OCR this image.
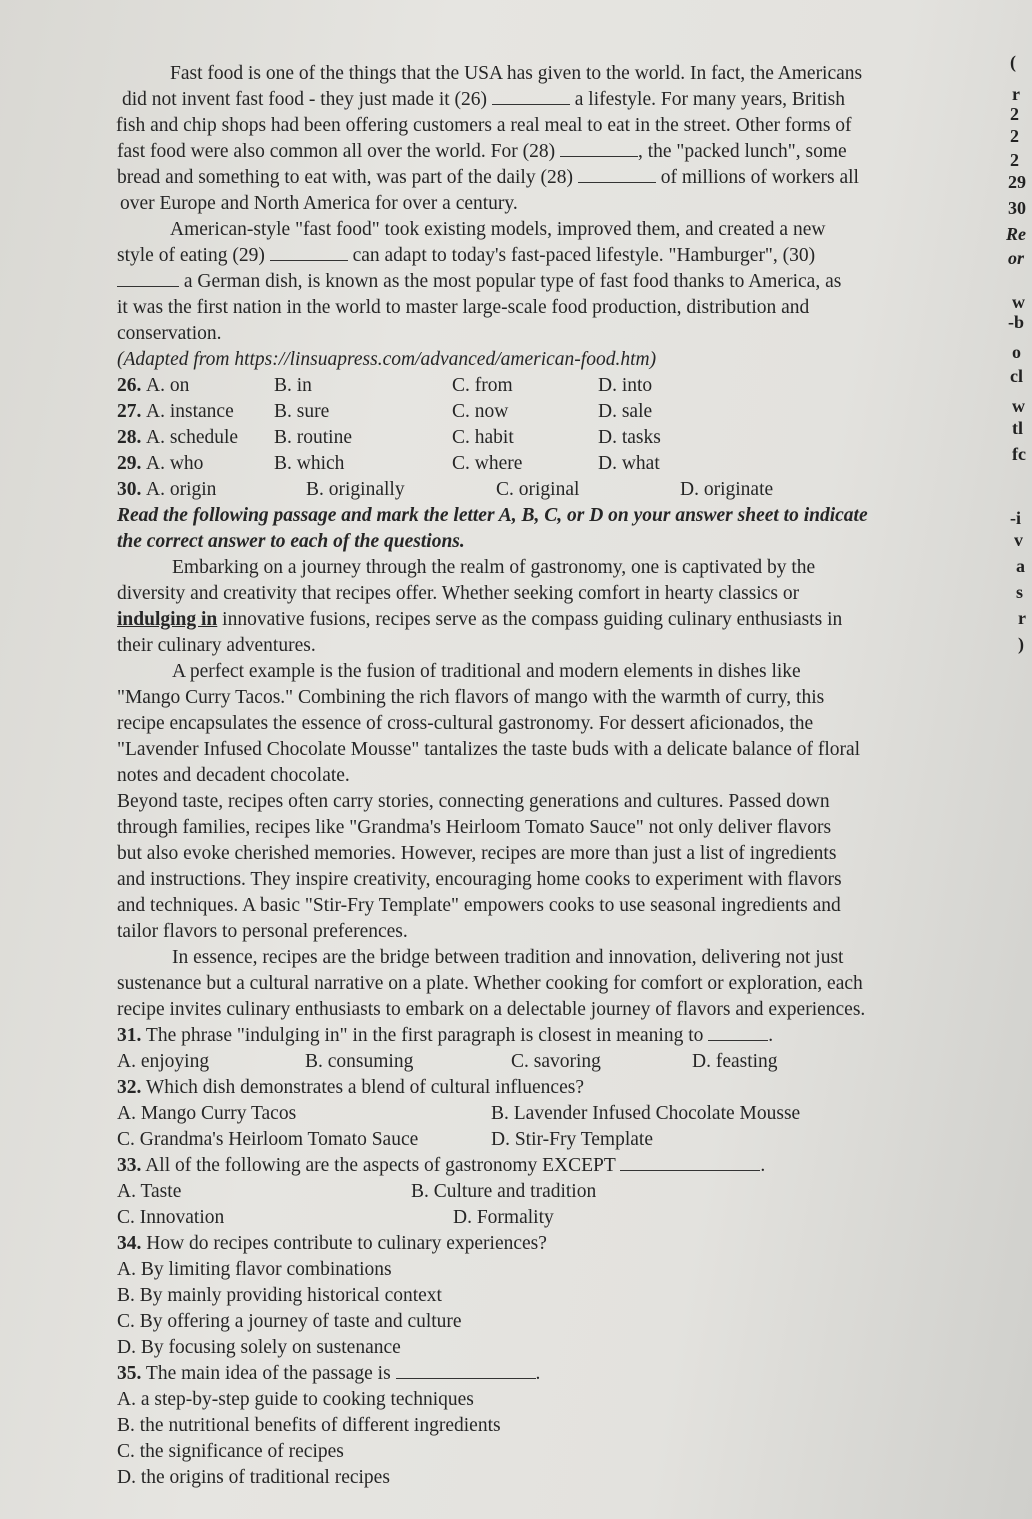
Fast food is one of the things that the USA has given to the world. In fact, the Americans
did not invent fast food - they just made it (26)	a lifestyle. For many years, British
fish and chip shops had been offering customers a real meal to eat in the street. Other forms of
fast food were also common all over the world. For (28)	, the "packed lunch", some
bread and something to eat with, was part of the daily (28)	of millions of workers all
over Europe and North America for over a century.
American-style "fast food" took existing models, improved them, and created a new
style of eating (29)	can adapt to today's fast-paced lifestyle. "Hamburger", (30)
a German dish, is known as the most popular type of fast food thanks to America, as
it was the first nation in the world to master large-scale food production, distribution and
conservation.
(Adapted from https://linsuapress.com/advanced/american-food.htm)
26. A. on	B. in	C. from	D. into
27. A. instance B. sure	C. now	D. sale
28. A. schedule B. routine	C. habit	D. tasks
29. A. who	B. which	C. where	D. what
30. A. origin	B. originally	C. original	D. originate
Read the following passage and mark the letter A, B, C, or D on your answer sheet to indicate
the correct answer to each of the questions.
Embarking on a journey through the realm of gastronomy, one is captivated by the
diversity and creativity that recipes offer. Whether seeking comfort in hearty classics or
indulging in innovative fusions, recipes serve as the compass guiding culinary enthusiasts in
their culinary adventures.
A perfect example is the fusion of traditional and modern elements in dishes like
"Mango Curry Tacos." Combining the rich flavors of mango with the warmth of curry, this
recipe encapsulates the essence of cross-cultural gastronomy. For dessert aficionados, the
"Lavender Infused Chocolate Mousse" tantalizes the taste buds with a delicate balance of floral
notes and decadent chocolate.
Beyond taste, recipes often carry stories, connecting generations and cultures. Passed down
through families, recipes like "Grandma's Heirloom Tomato Sauce" not only deliver flavors
but also evoke cherished memories. However, recipes are more than just a list of ingredients
and instructions. They inspire creativity, encouraging home cooks to experiment with flavors
and techniques. A basic "Stir-Fry Template" empowers cooks to use seasonal ingredients and
tailor flavors to personal preferences.
In essence, recipes are the bridge between tradition and innovation, delivering not just
sustenance but a cultural narrative on a plate. Whether cooking for comfort or exploration, each
recipe invites culinary enthusiasts to embark on a delectable journey of flavors and experiences.
31. The phrase "indulging in" in the first paragraph is closest in meaning to	.
A. enjoying	B. consuming	C. savoring	D. feasting
32. Which dish demonstrates a blend of cultural influences?
A. Mango Curry Tacos	B. Lavender Infused Chocolate Mousse
C. Grandma's Heirloom Tomato Sauce	D. Stir-Fry Template
33. All of the following are the aspects of gastronomy EXCEPT	.
A. Taste	B. Culture and tradition
C. Innovation	D. Formality
34. How do recipes contribute to culinary experiences?
A. By limiting flavor combinations
B. By mainly providing historical context
C. By offering a journey of taste and culture
D. By focusing solely on sustenance
35. The main idea of the passage is	.
A. a step-by-step guide to cooking techniques
B. the nutritional benefits of different ingredients
C. the significance of recipes
D. the origins of traditional recipes
(
r
2
2
2
29
30
Re
or
w
-b
o
cl
w
tl
fc
-i
v
a
s
r
)
